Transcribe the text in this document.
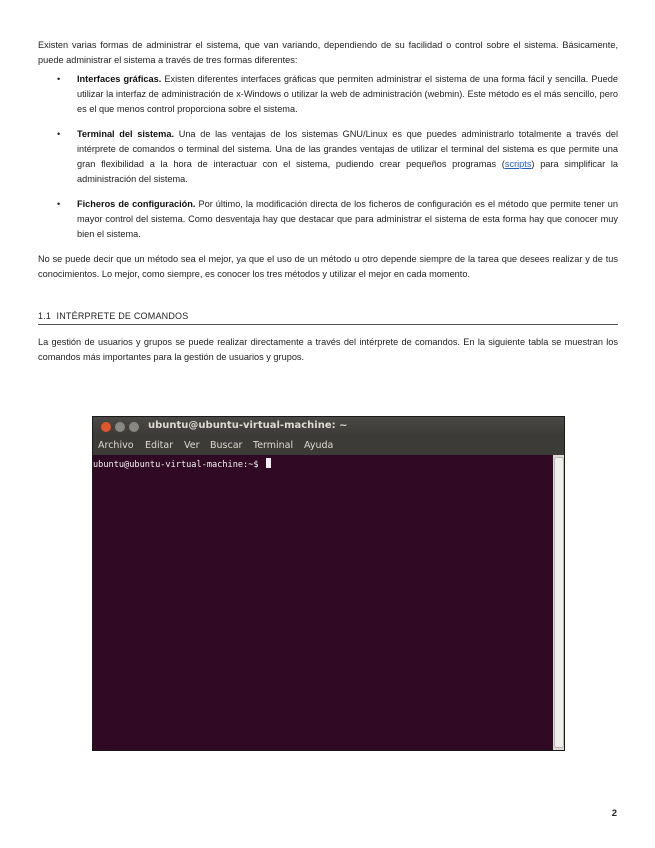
Existen varias formas de administrar el sistema, que van variando, dependiendo de su facilidad o control sobre el sistema. Básicamente, puede administrar el sistema a través de tres formas diferentes:

• Interfaces gráficas. Existen diferentes interfaces gráficas que permiten administrar el sistema de una forma fácil y sencilla. Puede utilizar la interfaz de administración de x-Windows o utilizar la web de administración (webmin). Este método es el más sencillo, pero es el que menos control proporciona sobre el sistema.
• Terminal del sistema. Una de las ventajas de los sistemas GNU/Linux es que puedes administrarlo totalmente a través del intérprete de comandos o terminal del sistema. Una de las grandes ventajas de utilizar el terminal del sistema es que permite una gran flexibilidad a la hora de interactuar con el sistema, pudiendo crear pequeños programas (scripts) para simplificar la administración del sistema.
• Ficheros de configuración. Por último, la modificación directa de los ficheros de configuración es el método que permite tener un mayor control del sistema. Como desventaja hay que destacar que para administrar el sistema de esta forma hay que conocer muy bien el sistema.

No se puede decir que un método sea el mejor, ya que el uso de un método u otro depende siempre de la tarea que desees realizar y de tus conocimientos. Lo mejor, como siempre, es conocer los tres métodos y utilizar el mejor en cada momento.

1.1 INTÉRPRETE DE COMANDOS

La gestión de usuarios y grupos se puede realizar directamente a través del intérprete de comandos. En la siguiente tabla se muestran los comandos más importantes para la gestión de usuarios y grupos.

ubuntu@ubuntu-virtual-machine: ~
Archivo Editar Ver Buscar Terminal Ayuda
ubuntu@ubuntu-virtual-machine:~$
2
